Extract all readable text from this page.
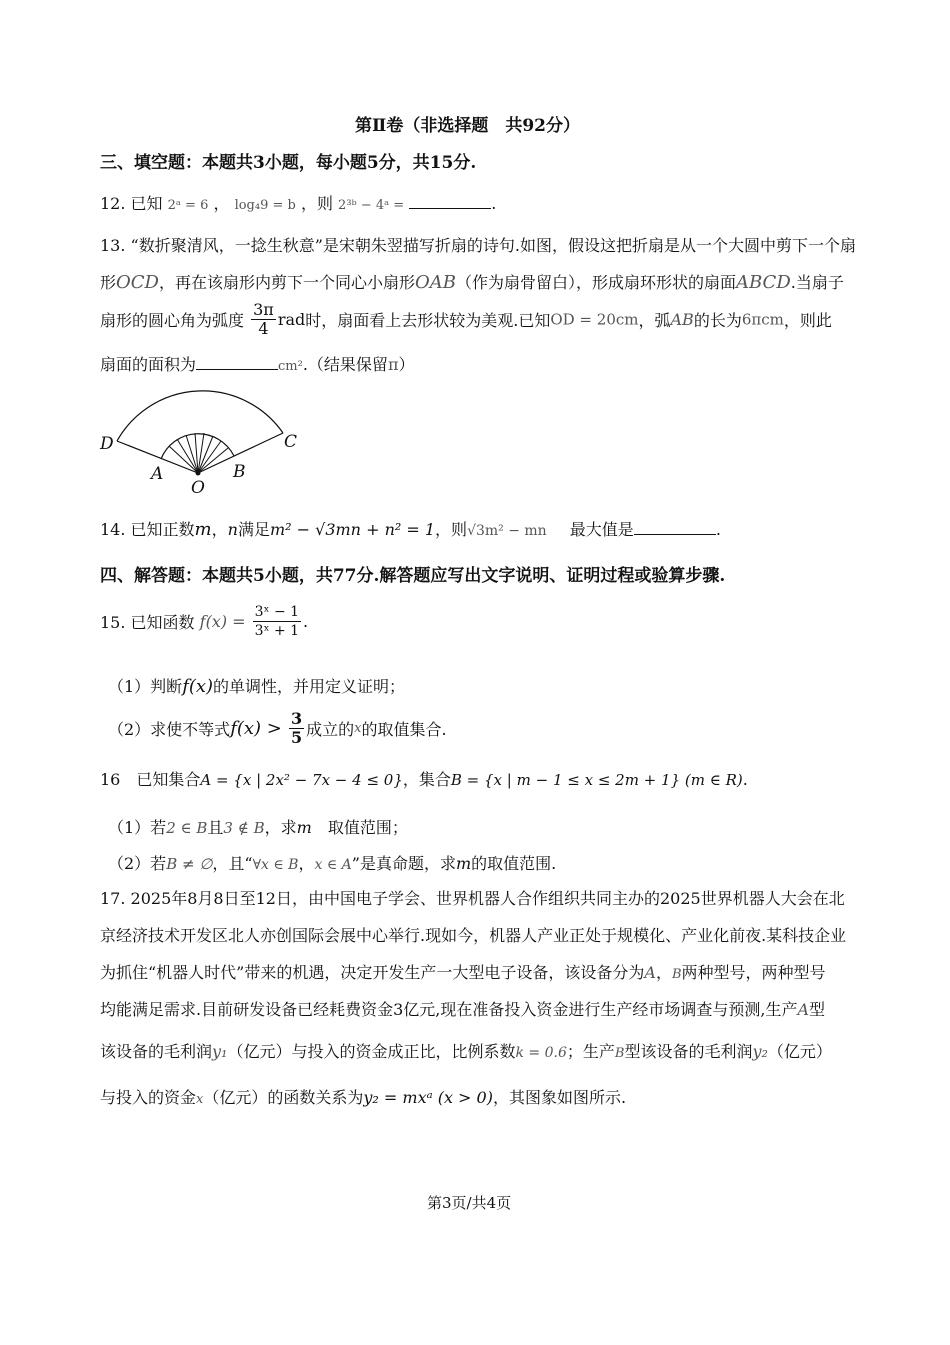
第Ⅱ卷（非选择题　共92分）
三、填空题：本题共3小题，每小题5分，共15分.
12. 已知 2ᵃ = 6 ， log₄9 = b ，则 2³ᵇ − 4ᵃ =	.
13. “数折聚清风，一捻生秋意”是宋朝朱翌描写折扇的诗句.如图，假设这把折扇是从一个大圆中剪下一个扇
形OCD，再在该扇形内剪下一个同心小扇形OAB（作为扇骨留白），形成扇环形状的扇面ABCD.当扇子
扇形的圆心角为弧度 $\frac{3\pi}{4}$ rad时，扇面看上去形状较为美观.已知OD = 20cm，弧AB的长为6πcm，则此
扇面的面积为	cm².（结果保留π）
D	C
A	B
O
14. 已知正数m，n满足m² − √3mn + n² = 1，则√3m² − mn 最大值是	.
四、解答题：本题共5小题，共77分.解答题应写出文字说明、证明过程或验算步骤.
15. 已知函数 $f(x) = \frac{\text{3ˣ − 1}}{\text{3ˣ + 1}}$ .
（1）判断f(x)的单调性，并用定义证明；
（2）求使不等式$f(x) > \frac{3}{5}$ 成立的x的取值集合.
16　已知集合A = {x | 2x² − 7x − 4 ≤ 0}，集合B = {x | m − 1 ≤ x ≤ 2m + 1} (m ∈ R).
（1）若2 ∈ B且3 ∉ B，求m　取值范围；
（2）若B ≠ ∅，且“∀x ∈ B，x ∈ A”是真命题，求m的取值范围.
17. 2025年8月8日至12日，由中国电子学会、世界机器人合作组织共同主办的2025世界机器人大会在北
京经济技术开发区北人亦创国际会展中心举行.现如今，机器人产业正处于规模化、产业化前夜.某科技企业
为抓住“机器人时代”带来的机遇，决定开发生产一大型电子设备，该设备分为A，B两种型号，两种型号
均能满足需求.目前研发设备已经耗费资金3亿元,现在准备投入资金进行生产经市场调查与预测,生产A型
该设备的毛利润y₁（亿元）与投入的资金成正比，比例系数k = 0.6；生产B型该设备的毛利润y₂（亿元）
与投入的资金x（亿元）的函数关系为y₂ = mxᵃ (x > 0)，其图象如图所示.
第3页/共4页
